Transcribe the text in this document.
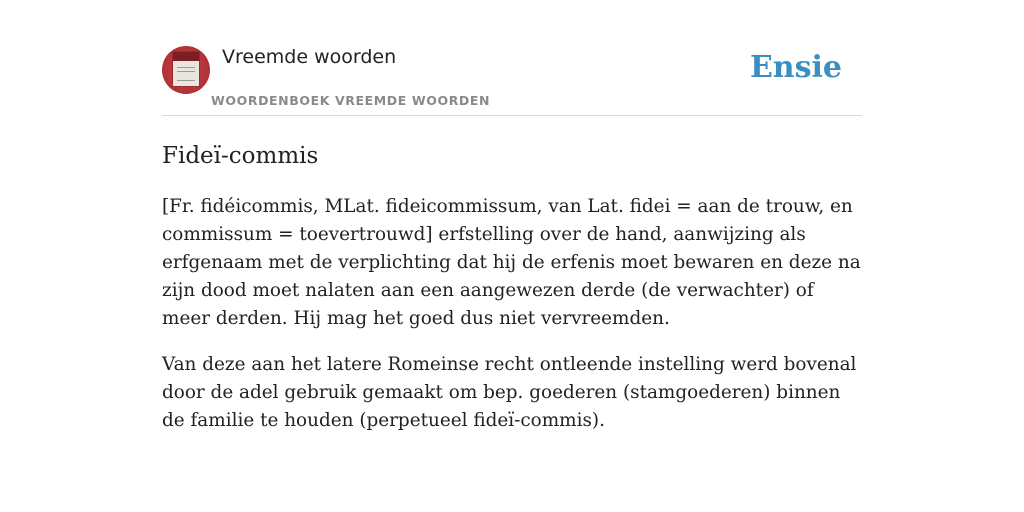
Vreemde woorden
WOORDENBOEK VREEMDE WOORDEN
Ensie
Fideï-commis

[Fr. fidéicommis, MLat. fideicommissum, van Lat. fidei = aan de trouw, en commissum = toevertrouwd] erfstelling over de hand, aanwijzing als erfgenaam met de verplichting dat hij de erfenis moet bewaren en deze na zijn dood moet nalaten aan een aangewezen derde (de verwachter) of meer derden. Hij mag het goed dus niet vervreemden.

Van deze aan het latere Romeinse recht ontleende instelling werd bovenal door de adel gebruik gemaakt om bep. goederen (stamgoederen) binnen de familie te houden (perpetueel fideï-commis).
